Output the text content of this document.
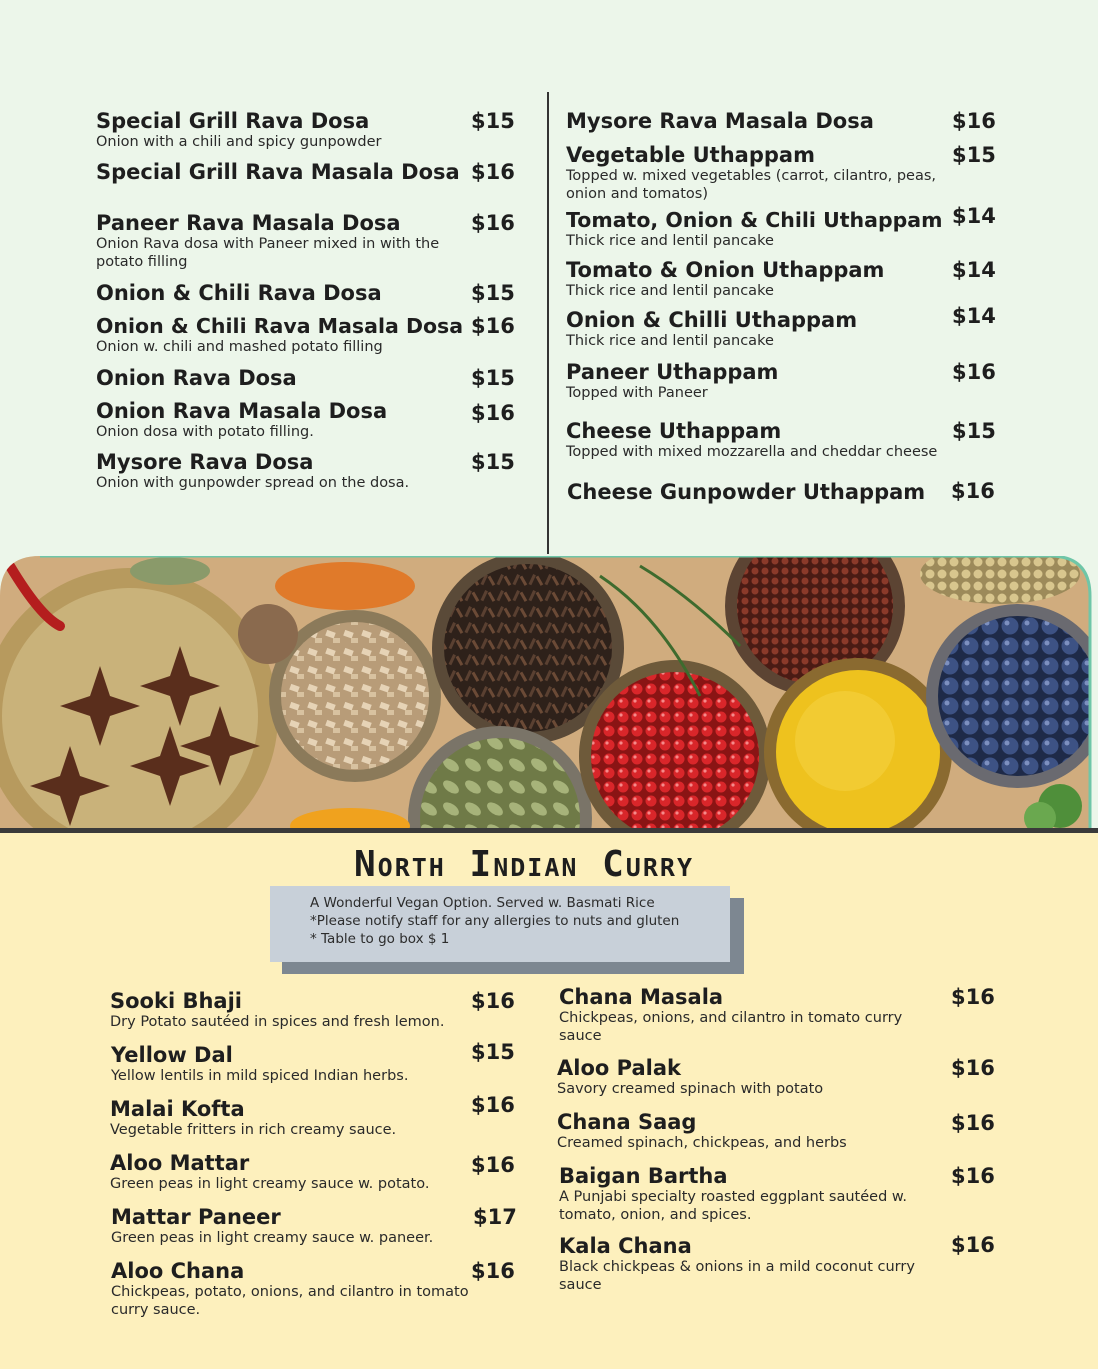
Special Grill Rava Dosa
Onion with a chili and spicy gunpowder
$15
Special Grill Rava Masala Dosa $16
Paneer Rava Masala Dosa
Onion Rava dosa with Paneer mixed in with the potato filling
$16
Onion & Chili Rava Dosa	$15
Onion & Chili Rava Masala Dosa
Onion w. chili and mashed potato filling
$16
Onion Rava Dosa	$15
Onion Rava Masala Dosa
Onion dosa with potato filling.
$16
Mysore Rava Dosa
Onion with gunpowder spread on the dosa.
$15
Mysore Rava Masala Dosa	$16
Vegetable Uthappam
Topped w. mixed vegetables (carrot, cilantro, peas, onion and tomatos)
$15
Tomato, Onion & Chili Uthappam
Thick rice and lentil pancake
$14
Tomato & Onion Uthappam
Thick rice and lentil pancake
$14
Onion & Chilli Uthappam
Thick rice and lentil pancake
$14
Paneer Uthappam
Topped with Paneer
$16
Cheese Uthappam
Topped with mixed mozzarella and cheddar cheese
$15
Cheese Gunpowder Uthappam	$16
North Indian Curry
A Wonderful Vegan Option. Served w. Basmati Rice
*Please notify staff for any allergies to nuts and gluten
* Table to go box $ 1
Sooki Bhaji
Dry Potato sautéed in spices and fresh lemon.
$16
Yellow Dal
Yellow lentils in mild spiced Indian herbs.
$15
Malai Kofta
Vegetable fritters in rich creamy sauce.
$16
Aloo Mattar
Green peas in light creamy sauce w. potato.
$16
Mattar Paneer
Green peas in light creamy sauce w. paneer.
$17
Aloo Chana
Chickpeas, potato, onions, and cilantro in tomato curry sauce.
$16
Chana Masala
Chickpeas, onions, and cilantro in tomato curry sauce
$16
Aloo Palak
Savory creamed spinach with potato
$16
Chana Saag
Creamed spinach, chickpeas, and herbs
$16
Baigan Bartha
A Punjabi specialty roasted eggplant sautéed w. tomato, onion, and spices.
$16
Kala Chana
Black chickpeas & onions in a mild coconut curry sauce
$16
